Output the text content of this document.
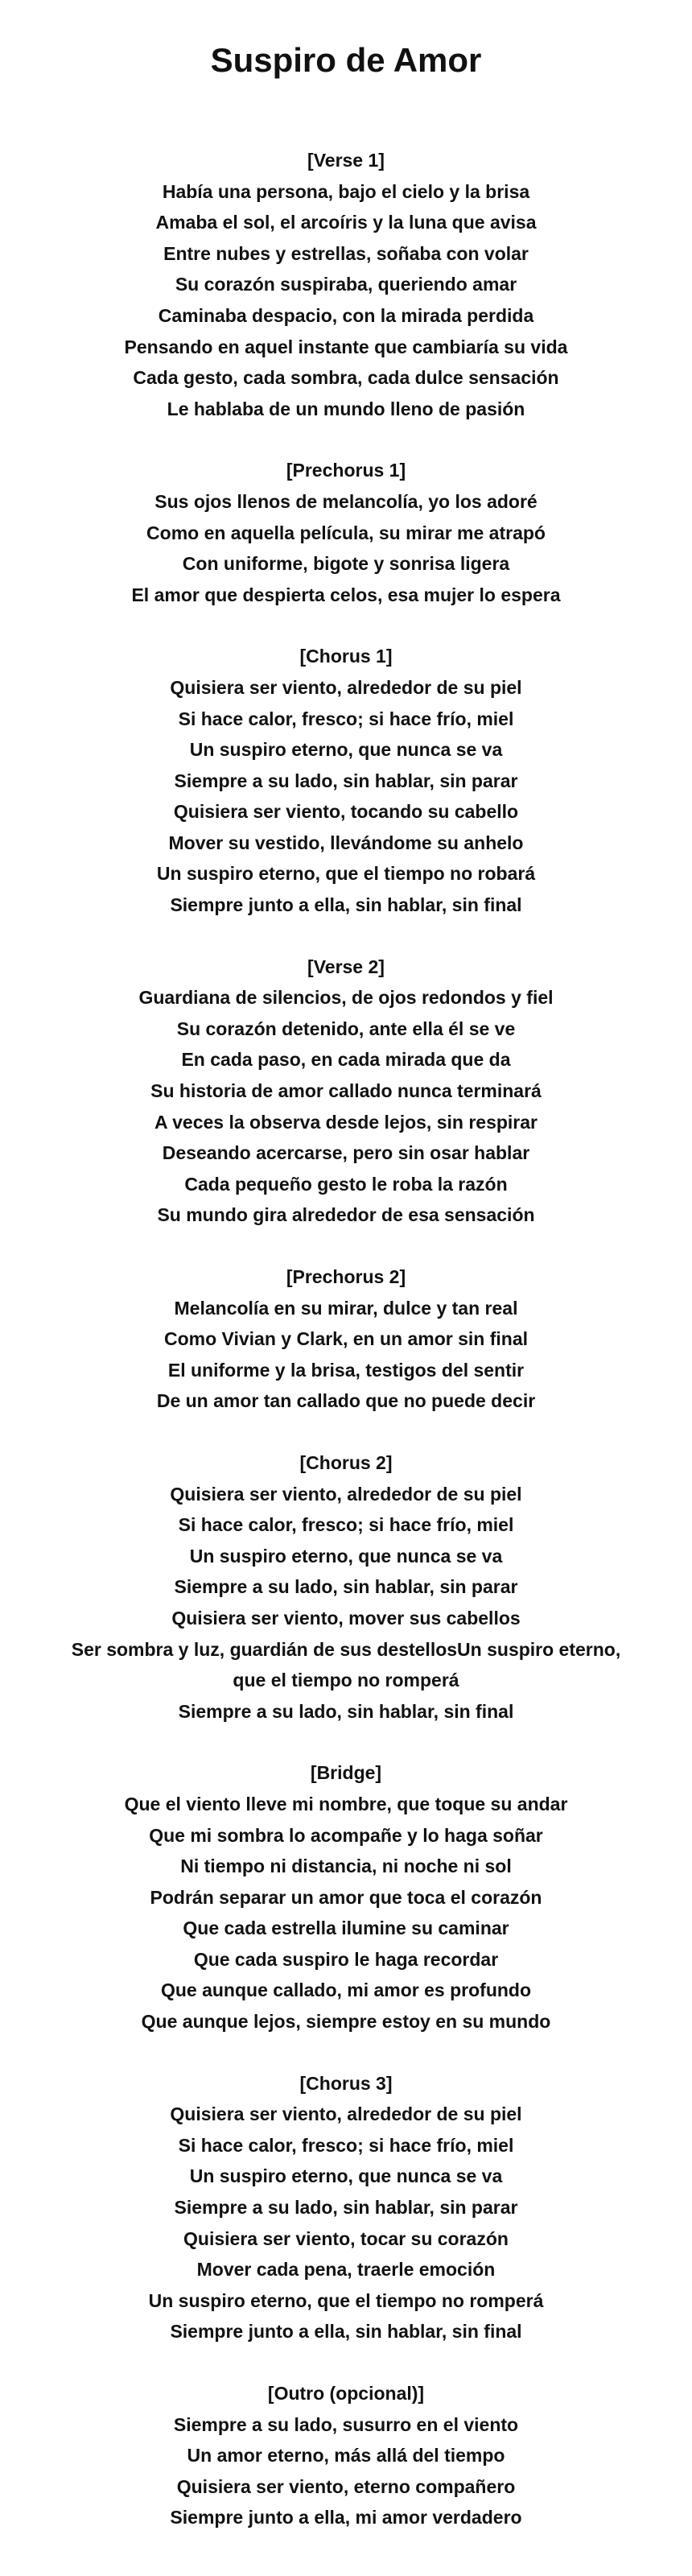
Suspiro de Amor
[Verse 1]
Había una persona, bajo el cielo y la brisa
Amaba el sol, el arcoíris y la luna que avisa
Entre nubes y estrellas, soñaba con volar
Su corazón suspiraba, queriendo amar
Caminaba despacio, con la mirada perdida
Pensando en aquel instante que cambiaría su vida
Cada gesto, cada sombra, cada dulce sensación
Le hablaba de un mundo lleno de pasión
[Prechorus 1]
Sus ojos llenos de melancolía, yo los adoré
Como en aquella película, su mirar me atrapó
Con uniforme, bigote y sonrisa ligera
El amor que despierta celos, esa mujer lo espera
[Chorus 1]
Quisiera ser viento, alrededor de su piel
Si hace calor, fresco; si hace frío, miel
Un suspiro eterno, que nunca se va
Siempre a su lado, sin hablar, sin parar
Quisiera ser viento, tocando su cabello
Mover su vestido, llevándome su anhelo
Un suspiro eterno, que el tiempo no robará
Siempre junto a ella, sin hablar, sin final
[Verse 2]
Guardiana de silencios, de ojos redondos y fiel
Su corazón detenido, ante ella él se ve
En cada paso, en cada mirada que da
Su historia de amor callado nunca terminará
A veces la observa desde lejos, sin respirar
Deseando acercarse, pero sin osar hablar
Cada pequeño gesto le roba la razón
Su mundo gira alrededor de esa sensación
[Prechorus 2]
Melancolía en su mirar, dulce y tan real
Como Vivian y Clark, en un amor sin final
El uniforme y la brisa, testigos del sentir
De un amor tan callado que no puede decir
[Chorus 2]
Quisiera ser viento, alrededor de su piel
Si hace calor, fresco; si hace frío, miel
Un suspiro eterno, que nunca se va
Siempre a su lado, sin hablar, sin parar
Quisiera ser viento, mover sus cabellos
Ser sombra y luz, guardián de sus destellosUn suspiro eterno,
que el tiempo no romperá
Siempre a su lado, sin hablar, sin final
[Bridge]
Que el viento lleve mi nombre, que toque su andar
Que mi sombra lo acompañe y lo haga soñar
Ni tiempo ni distancia, ni noche ni sol
Podrán separar un amor que toca el corazón
Que cada estrella ilumine su caminar
Que cada suspiro le haga recordar
Que aunque callado, mi amor es profundo
Que aunque lejos, siempre estoy en su mundo
[Chorus 3]
Quisiera ser viento, alrededor de su piel
Si hace calor, fresco; si hace frío, miel
Un suspiro eterno, que nunca se va
Siempre a su lado, sin hablar, sin parar
Quisiera ser viento, tocar su corazón
Mover cada pena, traerle emoción
Un suspiro eterno, que el tiempo no romperá
Siempre junto a ella, sin hablar, sin final
[Outro (opcional)]
Siempre a su lado, susurro en el viento
Un amor eterno, más allá del tiempo
Quisiera ser viento, eterno compañero
Siempre junto a ella, mi amor verdadero
